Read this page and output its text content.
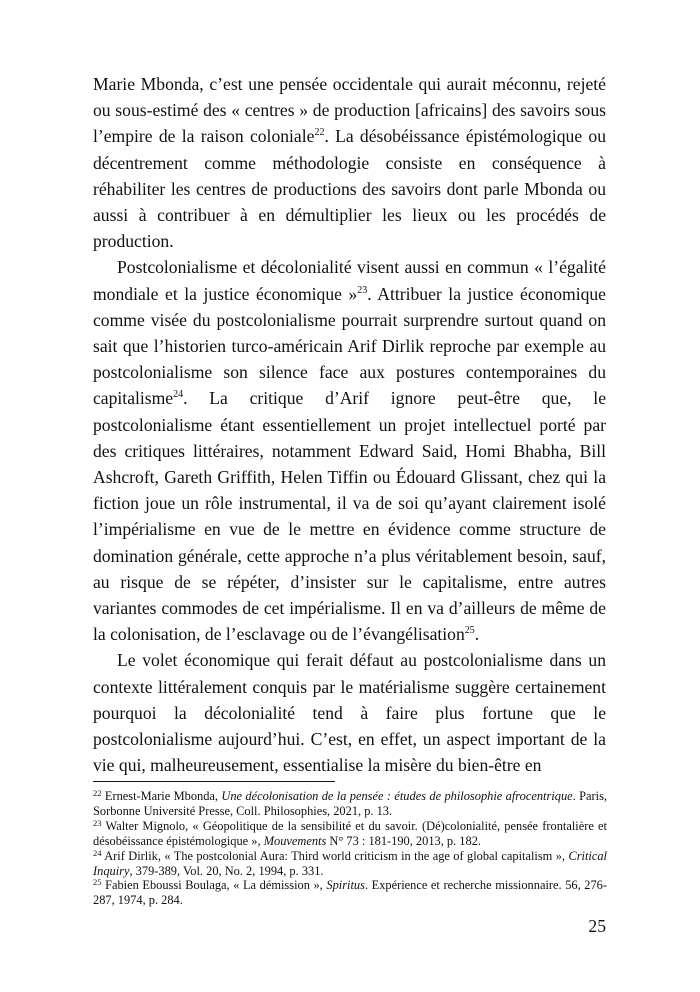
Marie Mbonda, c’est une pensée occidentale qui aurait méconnu, rejeté ou sous-estimé des « centres » de production [africains] des savoirs sous l’empire de la raison coloniale$^{22}$. La désobéissance épistémologique ou décentrement comme méthodologie consiste en conséquence à réhabiliter les centres de productions des savoirs dont parle Mbonda ou aussi à contribuer à en démultiplier les lieux ou les procédés de production.

Postcolonialisme et décolonialité visent aussi en commun « l’égalité mondiale et la justice économique »$^{23}$. Attribuer la justice économique comme visée du postcolonialisme pourrait surprendre surtout quand on sait que l’historien turco-américain Arif Dirlik reproche par exemple au postcolonialisme son silence face aux postures contemporaines du capitalisme$^{24}$. La critique d’Arif ignore peut-être que, le postcolonialisme étant essentiellement un projet intellectuel porté par des critiques littéraires, notamment Edward Said, Homi Bhabha, Bill Ashcroft, Gareth Griffith, Helen Tiffin ou Édouard Glissant, chez qui la fiction joue un rôle instrumental, il va de soi qu’ayant clairement isolé l’impérialisme en vue de le mettre en évidence comme structure de domination générale, cette approche n’a plus véritablement besoin, sauf, au risque de se répéter, d’insister sur le capitalisme, entre autres variantes commodes de cet impérialisme. Il en va d’ailleurs de même de la colonisation, de l’esclavage ou de l’évangélisation$^{25}$.

Le volet économique qui ferait défaut au postcolonialisme dans un contexte littéralement conquis par le matérialisme suggère certainement pourquoi la décolonialité tend à faire plus fortune que le postcolonialisme aujourd’hui. C’est, en effet, un aspect important de la vie qui, malheureusement, essentialise la misère du bien-être en

$^{22}$ Ernest-Marie Mbonda, Une décolonisation de la pensée : études de philosophie afrocentrique. Paris, Sorbonne Université Presse, Coll. Philosophies, 2021, p. 13.

$^{23}$ Walter Mignolo, « Géopolitique de la sensibilité et du savoir. (Dé)colonialité, pensée frontalière et désobéissance épistémologique », Mouvements N° 73 : 181-190, 2013, p. 182.

$^{24}$ Arif Dirlik, « The postcolonial Aura: Third world criticism in the age of global capitalism », Critical Inquiry, 379-389, Vol. 20, No. 2, 1994, p. 331.

$^{25}$ Fabien Eboussi Boulaga, « La démission », Spiritus. Expérience et recherche missionnaire. 56, 276-287, 1974, p. 284.

25
